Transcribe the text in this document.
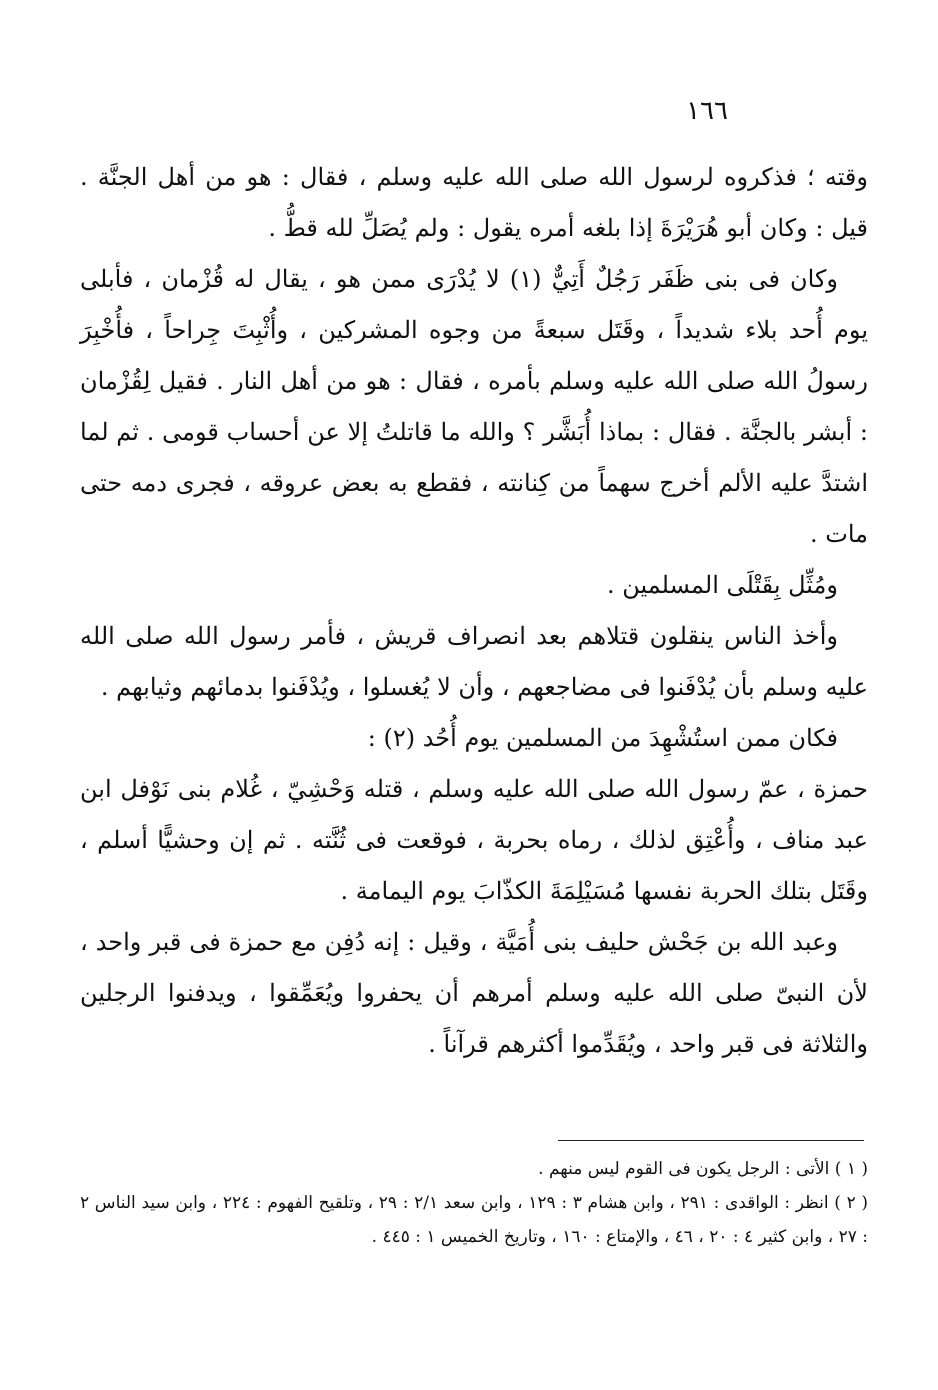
١٦٦

وقته ؛ فذكروه لرسول الله صلى الله عليه وسلم ، فقال : هو من أهل الجنَّة . قيل : وكان أبو هُرَيْرَةَ إذا بلغه أمره يقول : ولم يُصَلِّ لله قطُّ .

وكان فى بنى ظَفَر رَجُلٌ أَتِيٌّ (١) لا يُدْرَى ممن هو ، يقال له قُزْمان ، فأبلى يوم أُحد بلاء شديداً ، وقَتَل سبعةً من وجوه المشركين ، وأُثْبِتَ جِراحاً ، فأُخْبِرَ رسولُ الله صلى الله عليه وسلم بأمره ، فقال : هو من أهل النار . فقيل لِقُزْمان : أبشر بالجنَّة . فقال : بماذا أُبَشَّر ؟ والله ما قاتلتُ إلا عن أحساب قومى . ثم لما اشتدَّ عليه الألم أخرج سهماً من كِنانته ، فقطع به بعض عروقه ، فجرى دمه حتى مات .

ومُثِّل بِقَتْلَى المسلمين .

وأخذ الناس ينقلون قتلاهم بعد انصراف قريش ، فأمر رسول الله صلى الله عليه وسلم بأن يُدْفَنوا فى مضاجعهم ، وأن لا يُغسلوا ، ويُدْفَنوا بدمائهم وثيابهم .

فكان ممن استُشْهِدَ من المسلمين يوم أُحُد (٢) :

حمزة ، عمّ رسول الله صلى الله عليه وسلم ، قتله وَحْشِيّ ، غُلام بنى نَوْفل ابن عبد مناف ، وأُعْتِق لذلك ، رماه بحربة ، فوقعت فى ثُنَّته . ثم إن وحشيًّا أسلم ، وقَتَل بتلك الحربة نفسها مُسَيْلِمَةَ الكذّابَ يوم اليمامة .

وعبد الله بن جَحْش حليف بنى أُمَيَّة ، وقيل : إنه دُفِن مع حمزة فى قبر واحد ، لأن النبىّ صلى الله عليه وسلم أمرهم أن يحفروا ويُعَمِّقوا ، ويدفنوا الرجلين والثلاثة فى قبر واحد ، ويُقَدِّموا أكثرهم قرآناً .

( ١ ) الأتى : الرجل يكون فى القوم ليس منهم .

( ٢ ) انظر : الواقدى : ٢٩١ ، وابن هشام ٣ : ١٢٩ ، وابن سعد ٢/١ : ٢٩ ، وتلقيح الفهوم : ٢٢٤ ، وابن سيد الناس ٢ : ٢٧ ، وابن كثير ٤ : ٢٠ ، ٤٦ ، والإمتاع : ١٦٠ ، وتاريخ الخميس ١ : ٤٤٥ .
